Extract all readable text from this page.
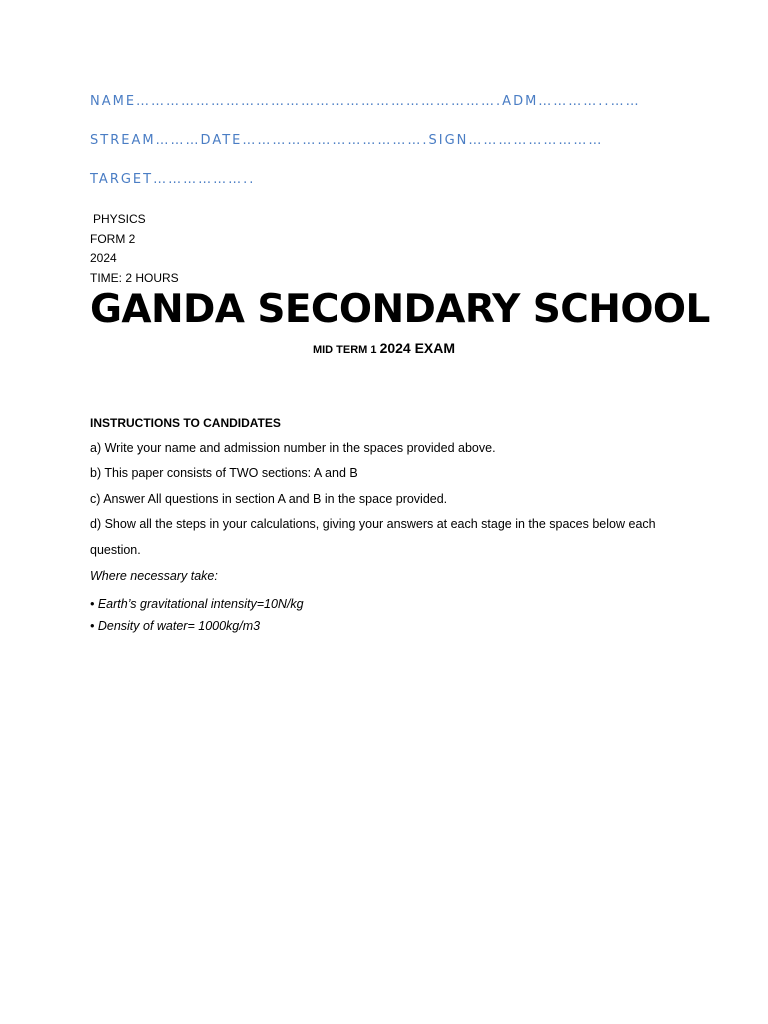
NAME……………………………………………………………….ADM…………..……
STREAM………DATE……………………………….SIGN………………………
TARGET………………..
PHYSICS
FORM 2
2024
TIME: 2 HOURS
GANDA SECONDARY SCHOOL
MID TERM 1 2024 EXAM
INSTRUCTIONS TO CANDIDATES
a) Write your name and admission number in the spaces provided above.
b) This paper consists of TWO sections: A and B
c) Answer All questions in section A and B in the space provided.
d) Show all the steps in your calculations, giving your answers at each stage in the spaces below each
question.
Where necessary take:
• Earth’s gravitational intensity=10N/kg
• Density of water= 1000kg/m3
